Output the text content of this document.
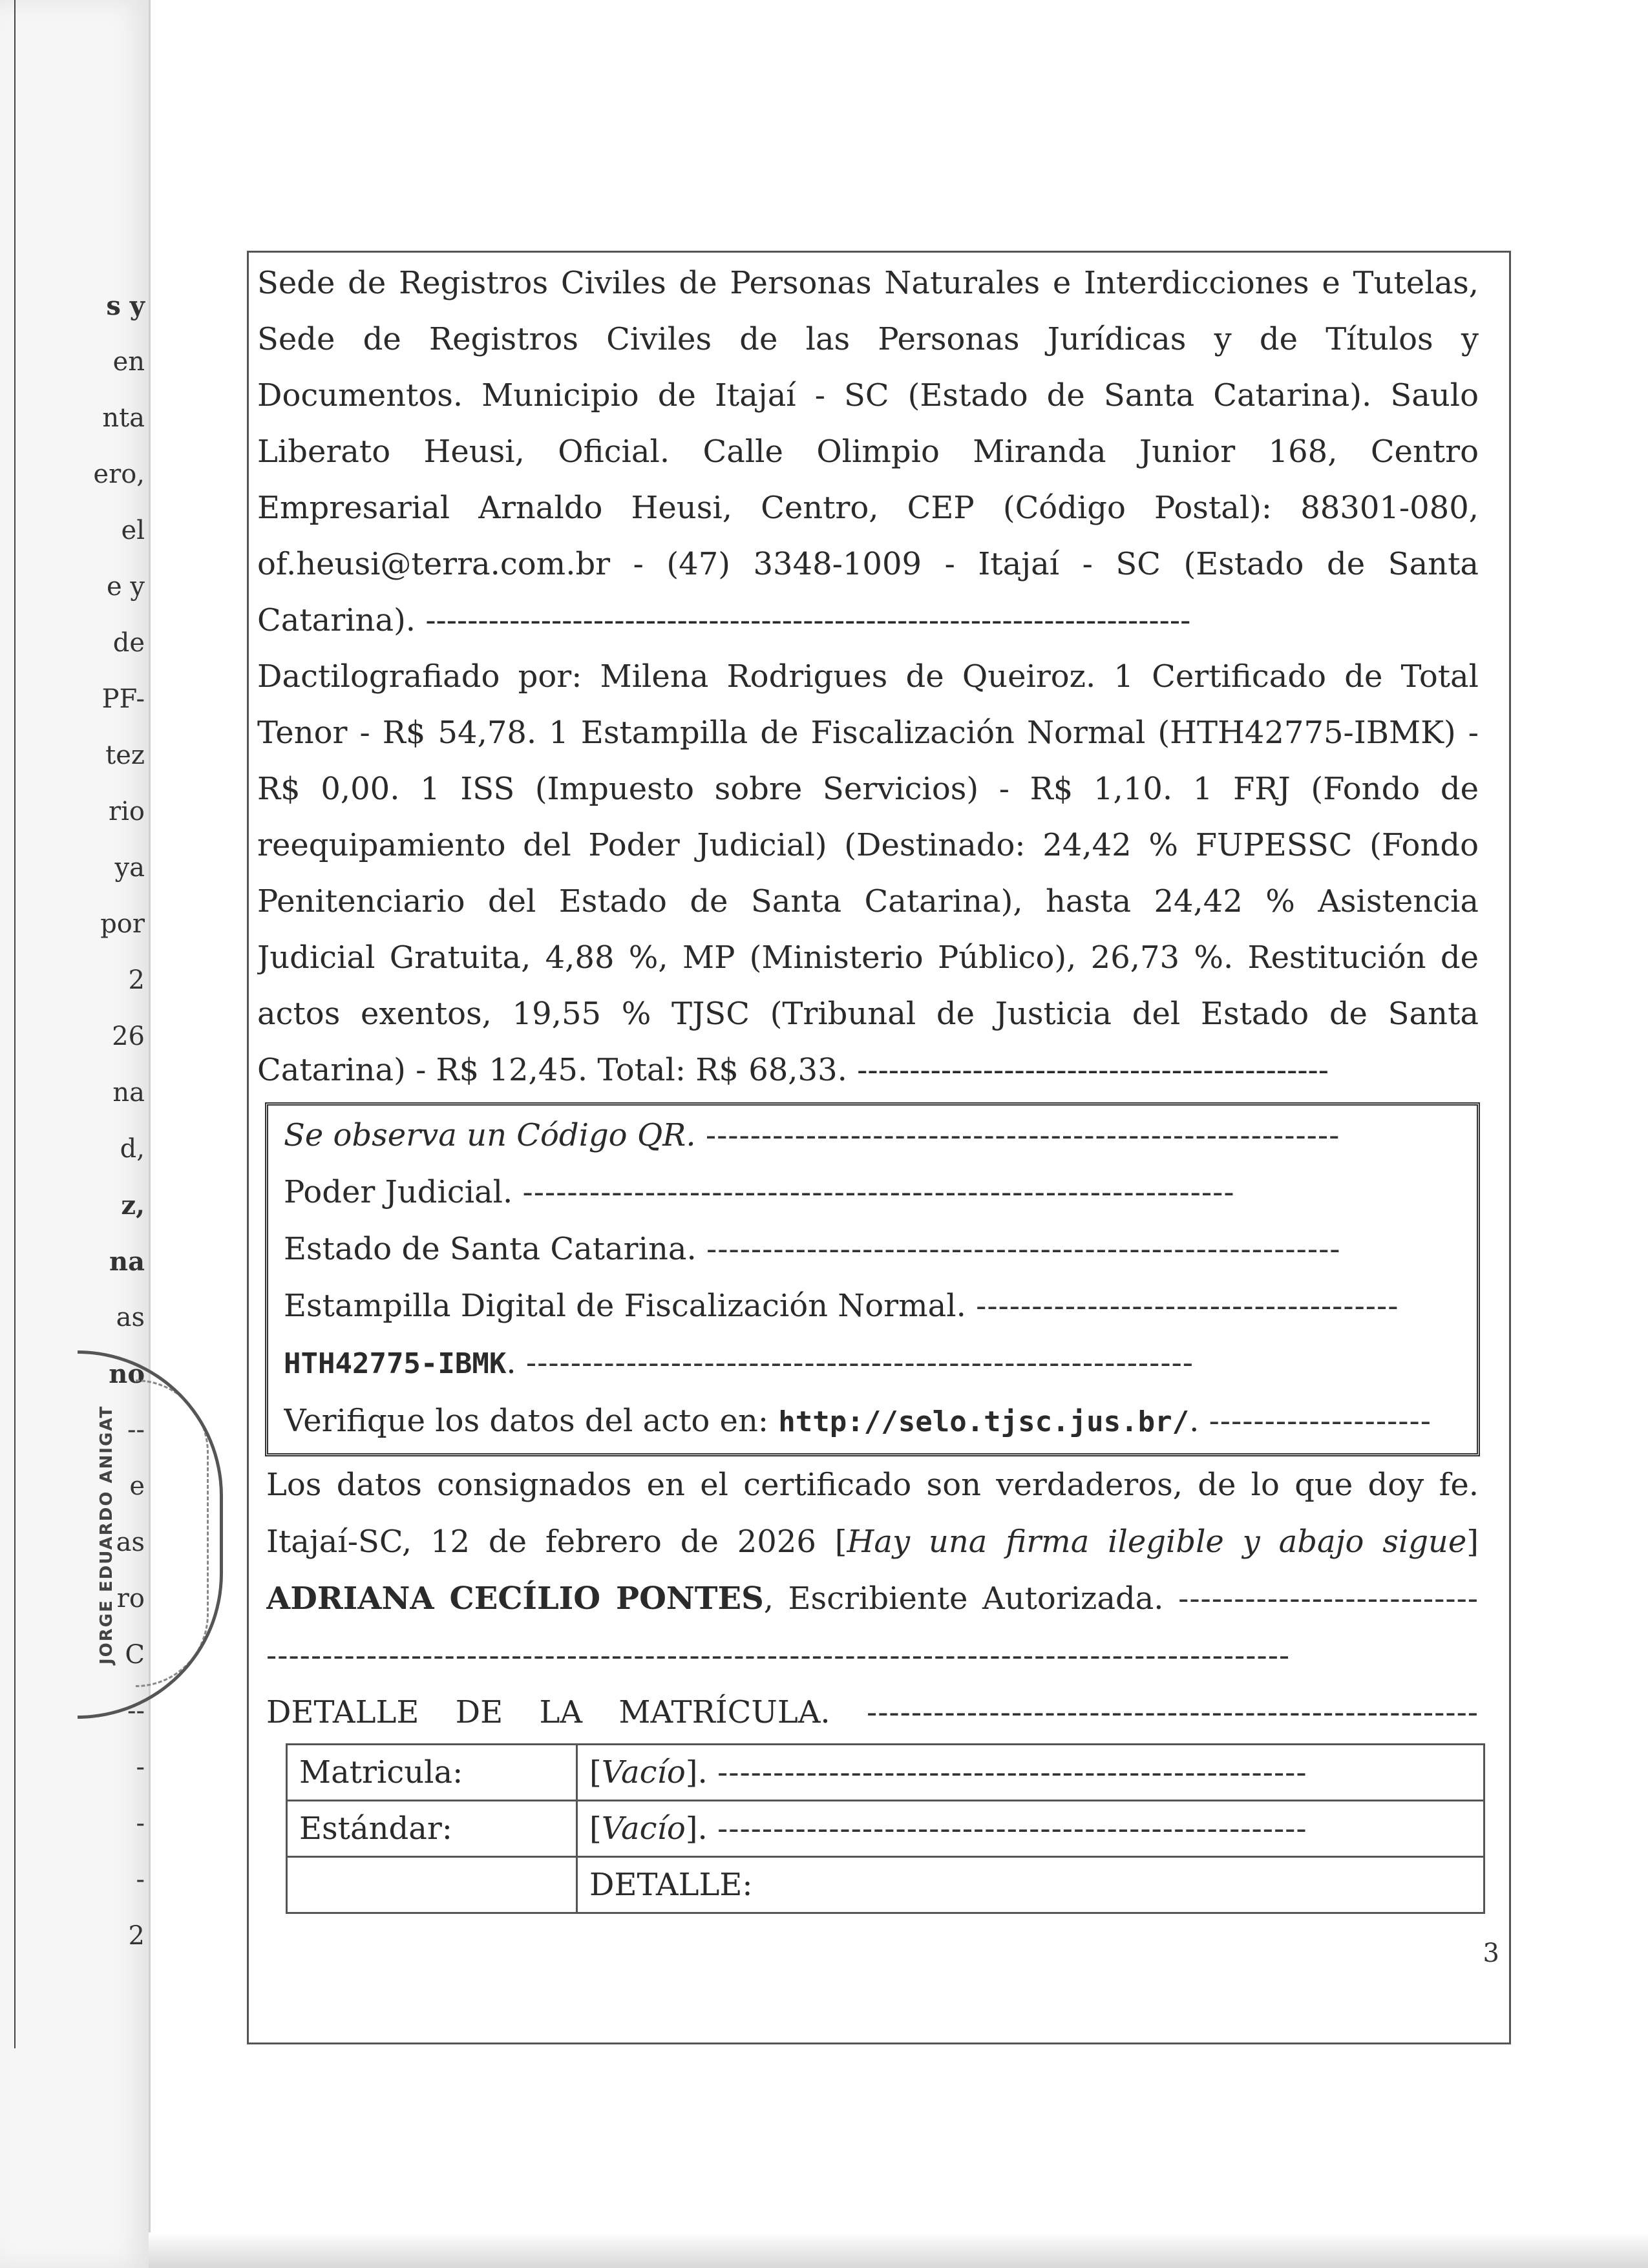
s y
en
nta
ero,
el
e y
de
PF-
tez
rio
ya
por
2
26
na
d,
z,
na
as
no
--
e
as
ro
C
--
-
-
-
2
JORGE EDUARDO ANIGAT
Sede de Registros Civiles de Personas Naturales e Interdicciones e Tutelas,
Sede de Registros Civiles de las Personas Jurídicas y de Títulos y
Documentos. Municipio de Itajaí - SC (Estado de Santa Catarina). Saulo
Liberato Heusi, Oficial. Calle Olimpio Miranda Junior 168, Centro
Empresarial Arnaldo Heusi, Centro, CEP (Código Postal): 88301-080,
of.heusi@terra.com.br - (47) 3348-1009 - Itajaí - SC (Estado de Santa
Catarina). -------------------------------------------------------------------------
Dactilografiado por: Milena Rodrigues de Queiroz. 1 Certificado de Total
Tenor - R$ 54,78. 1 Estampilla de Fiscalización Normal (HTH42775-IBMK) -
R$ 0,00. 1 ISS (Impuesto sobre Servicios) - R$ 1,10. 1 FRJ (Fondo de
reequipamiento del Poder Judicial) (Destinado: 24,42 % FUPESSC (Fondo
Penitenciario del Estado de Santa Catarina), hasta 24,42 % Asistencia
Judicial Gratuita, 4,88 %, MP (Ministerio Público), 26,73 %. Restitución de
actos exentos, 19,55 % TJSC (Tribunal de Justicia del Estado de Santa
Catarina) - R$ 12,45. Total: R$ 68,33. ---------------------------------------------
Se observa un Código QR. ---------------------------------------------------------
Poder Judicial. ----------------------------------------------------------------
Estado de Santa Catarina. ---------------------------------------------------------
Estampilla Digital de Fiscalización Normal. --------------------------------------
HTH42775-IBMK. ------------------------------------------------------------
Verifique los datos del acto en: http://selo.tjsc.jus.br/. --------------------
Los datos consignados en el certificado son verdaderos, de lo que doy fe.
Itajaí-SC, 12 de febrero de 2026 [Hay una firma ilegible y abajo sigue]
ADRIANA CECÍLIO PONTES, Escribiente Autorizada. ---------------------------
--------------------------------------------------------------------------------------------
DETALLE DE LA MATRÍCULA. -------------------------------------------------------
Matricula:	[Vacío]. -----------------------------------------------------
Estándar:	[Vacío]. -----------------------------------------------------
	DETALLE:
3
